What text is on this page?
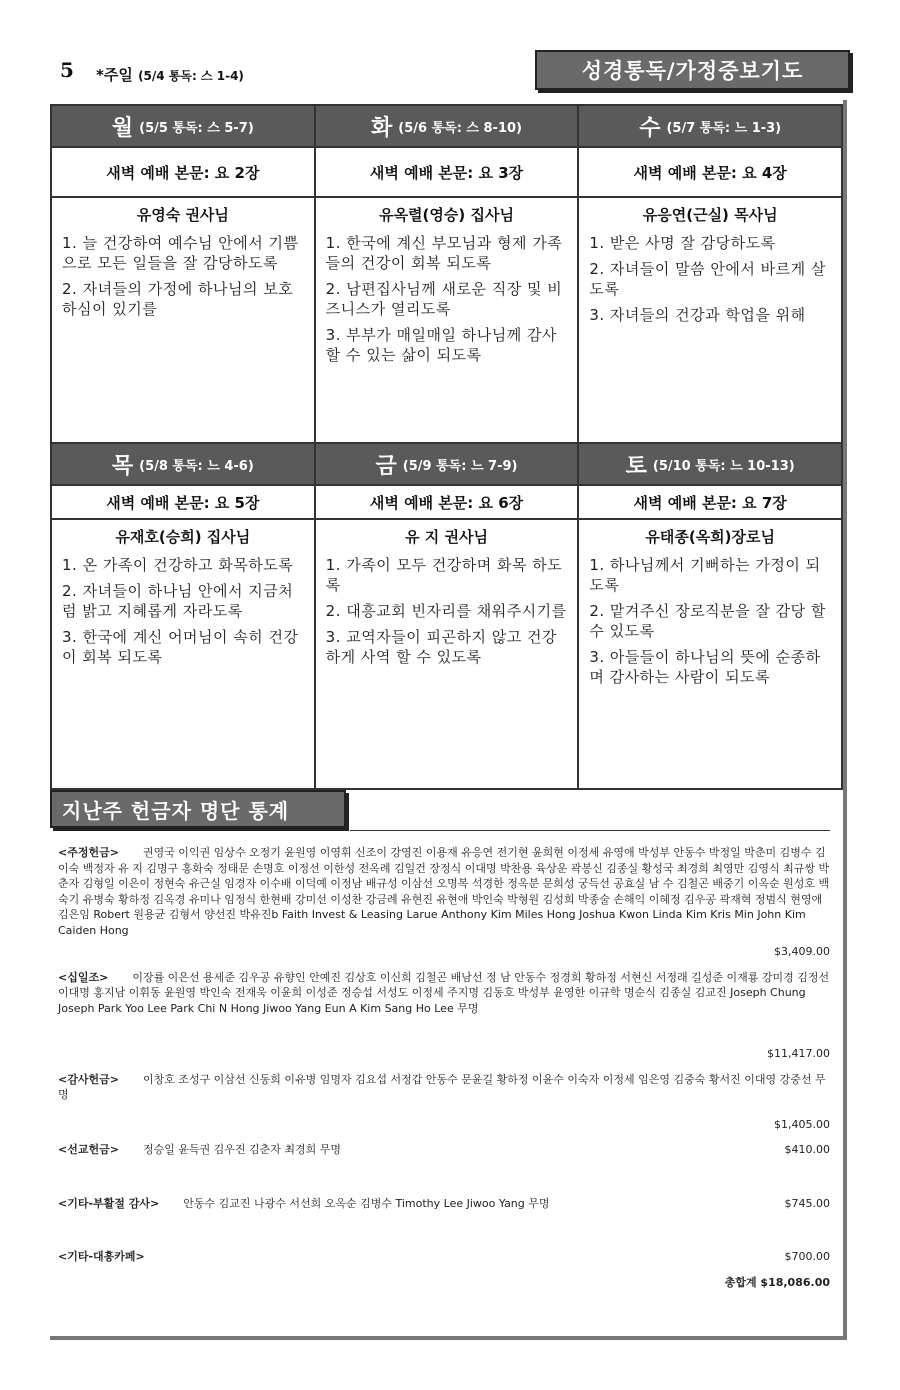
5 *주일 (5/4 통독: 스 1-4)	성경통독/가정중보기도
월 (5/5 통독: 스 5-7)
새벽 예배 본문: 요 2장
유영숙 권사님
1. 늘 건강하여 예수님 안에서 기쁨으로 모든 일들을 잘 감당하도록
2. 자녀들의 가정에 하나님의 보호하심이 있기를
화 (5/6 통독: 스 8-10)
새벽 예배 본문: 요 3장
유옥렬(영승) 집사님
1. 한국에 계신 부모님과 형제 가족들의 건강이 회복 되도록
2. 남편집사님께 새로운 직장 및 비즈니스가 열리도록
3. 부부가 매일매일 하나님께 감사할 수 있는 삶이 되도록
수 (5/7 통독: 느 1-3)
새벽 예배 본문: 요 4장
유응연(근실) 목사님
1. 받은 사명 잘 감당하도록
2. 자녀들이 말씀 안에서 바르게 살도록
3. 자녀들의 건강과 학업을 위해
목 (5/8 통독: 느 4-6)
새벽 예배 본문: 요 5장
유재호(승희) 집사님
1. 온 가족이 건강하고 화목하도록
2. 자녀들이 하나님 안에서 지금처럼 밝고 지혜롭게 자라도록
3. 한국에 계신 어머님이 속히 건강이 회복 되도록
금 (5/9 통독: 느 7-9)
새벽 예배 본문: 요 6장
유 지 권사님
1. 가족이 모두 건강하며 화목 하도록
2. 대흥교회 빈자리를 채워주시기를
3. 교역자들이 피곤하지 않고 건강하게 사역 할 수 있도록
토 (5/10 통독: 느 10-13)
새벽 예배 본문: 요 7장
유태종(옥희)장로님
1. 하나님께서 기뻐하는 가정이 되도록
2. 맡겨주신 장로직분을 잘 감당 할 수 있도록
3. 아들들이 하나님의 뜻에 순종하며 감사하는 사람이 되도록
지난주 헌금자 명단 통계
<주정헌금> 권영국 이익권 임상수 오정기 윤원영 이영휘 신조이 강영진 이용재 유응연 전기현 윤희현 이정세 유영애 박성부 안동수 박정일 박춘미 김병수 김이숙 백정자 유 지 김명구 홍화숙 정태문 손명호 이정선 이한성 전옥례 김일건 장정식 이대명 박찬용 육상운 곽봉신 김종실 황성국 최경희 최영만 김영식 최규쌍 박춘자 김형일 이은이 정현숙 유근실 임경자 이수배 이덕예 이정남 배규성 이삼선 오명복 석경한 정옥분 문희성 궁득선 공효실 남 수 김철곤 배중기 이옥순 원성호 백숙기 유병숙 황하정 김옥경 유미나 임정식 한현배 강미선 이성찬 강금례 유현진 유현애 박인숙 박형원 김성희 박종술 손해익 이혜정 김우공 곽재혁 정범식 현영애 김은임 Robert 원용균 김형서 양선진 박유진b Faith Invest & Leasing Larue Anthony Kim Miles Hong Joshua Kwon Linda Kim Kris Min John Kim Caiden Hong
$3,409.00
<십일조> 이장률 이은선 용세준 김우공 유향인 안예진 김상호 이신희 김철곤 배남선 정 남 안동수 정경희 황하정 서현신 서정래 길성준 이재룡 강미경 김정선 이대명 홍지남 이휘동 윤원영 박인숙 전재욱 이윤희 이성준 정승섭 서성도 이정세 주지명 김동호 박성부 윤영한 이규학 명순식 김종실 김교진 Joseph Chung Joseph Park Yoo Lee Park Chi N Hong Jiwoo Yang Eun A Kim Sang Ho Lee 무명
$11,417.00
<감사헌금> 이창호 조성구 이삼선 신동희 이유병 임명자 김요섭 서정갑 안동수 문윤길 황하정 이윤수 이숙자 이정세 임은영 김중숙 황서진 이대영 강중선 무명
$1,405.00
<선교헌금> 정승일 윤득권 김우진 김춘자 최경희 무명	$410.00
<기타-부활절 감사> 안동수 김교진 나광수 서선희 오옥순 김병수 Timothy Lee Jiwoo Yang 무명	$745.00
<기타-대흥카페>	$700.00
총합계 $18,086.00
